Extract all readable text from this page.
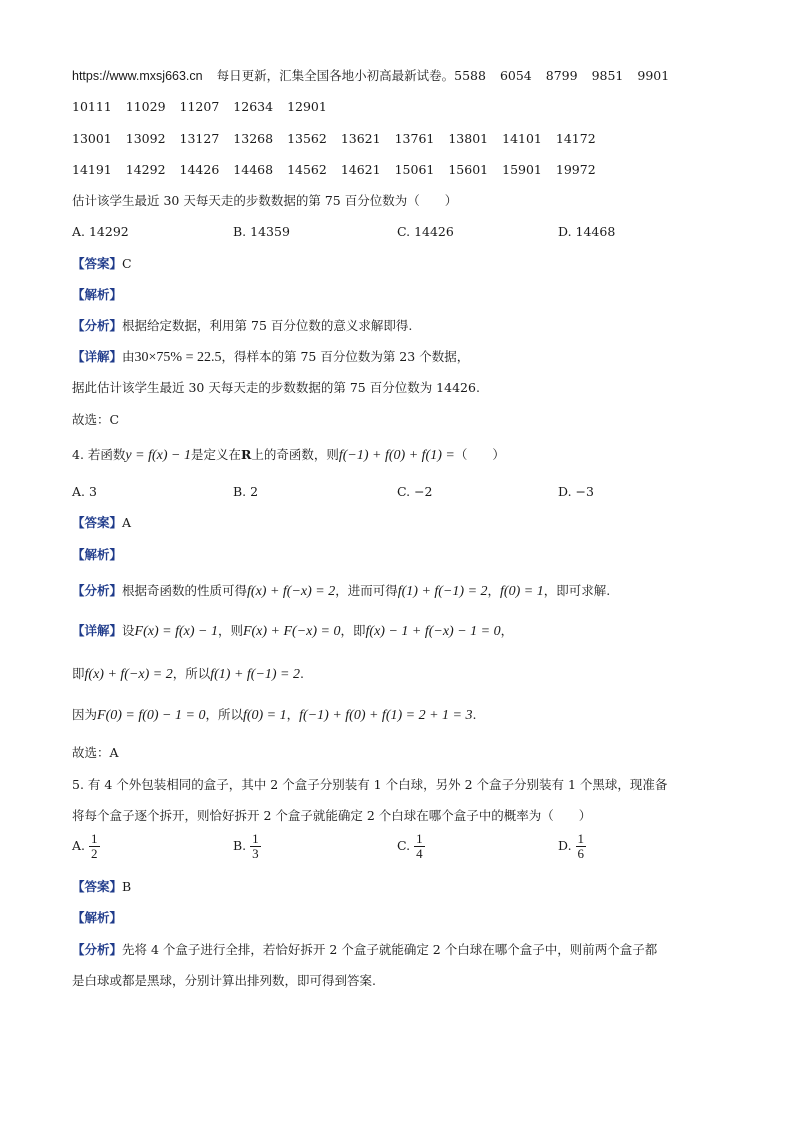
https://www.mxsj663.cn 每日更新，汇集全国各地小初高最新试卷。5588 6054 8799 9851 9901
10111 11029 11207 12634 12901
13001 13092 13127 13268 13562 13621 13761 13801 14101 14172
14191 14292 14426 14468 14562 14621 15061 15601 15901 19972
估计该学生最近 30 天每天走的步数数据的第 75 百分位数为（　　）
A. 14292	B. 14359	C. 14426	D. 14468
【答案】C
【解析】
【分析】根据给定数据，利用第 75 百分位数的意义求解即得.
【详解】由30×75% = 22.5，得样本的第 75 百分位数为第 23 个数据，
据此估计该学生最近 30 天每天走的步数数据的第 75 百分位数为 14426.
故选：C
4. 若函数y = f(x) − 1是定义在R上的奇函数，则f(−1) + f(0) + f(1) =（　　）
A. 3	B. 2	C. −2	D. −3
【答案】A
【解析】
【分析】根据奇函数的性质可得f(x) + f(−x) = 2，进而可得f(1) + f(−1) = 2，f(0) = 1，即可求解.
【详解】设F(x) = f(x) − 1，则F(x) + F(−x) = 0，即f(x) − 1 + f(−x) − 1 = 0，
即f(x) + f(−x) = 2，所以f(1) + f(−1) = 2.
因为F(0) = f(0) − 1 = 0，所以f(0) = 1，f(−1) + f(0) + f(1) = 2 + 1 = 3.
故选：A
5. 有 4 个外包装相同的盒子，其中 2 个盒子分别装有 1 个白球，另外 2 个盒子分别装有 1 个黑球，现准备
将每个盒子逐个拆开，则恰好拆开 2 个盒子就能确定 2 个白球在哪个盒子中的概率为（　　）
A. $\frac{1}{2}$	B. $\frac{1}{3}$	C. $\frac{1}{4}$	D. $\frac{1}{6}$
【答案】B
【解析】
【分析】先将 4 个盒子进行全排，若恰好拆开 2 个盒子就能确定 2 个白球在哪个盒子中，则前两个盒子都
是白球或都是黑球，分别计算出排列数，即可得到答案.
